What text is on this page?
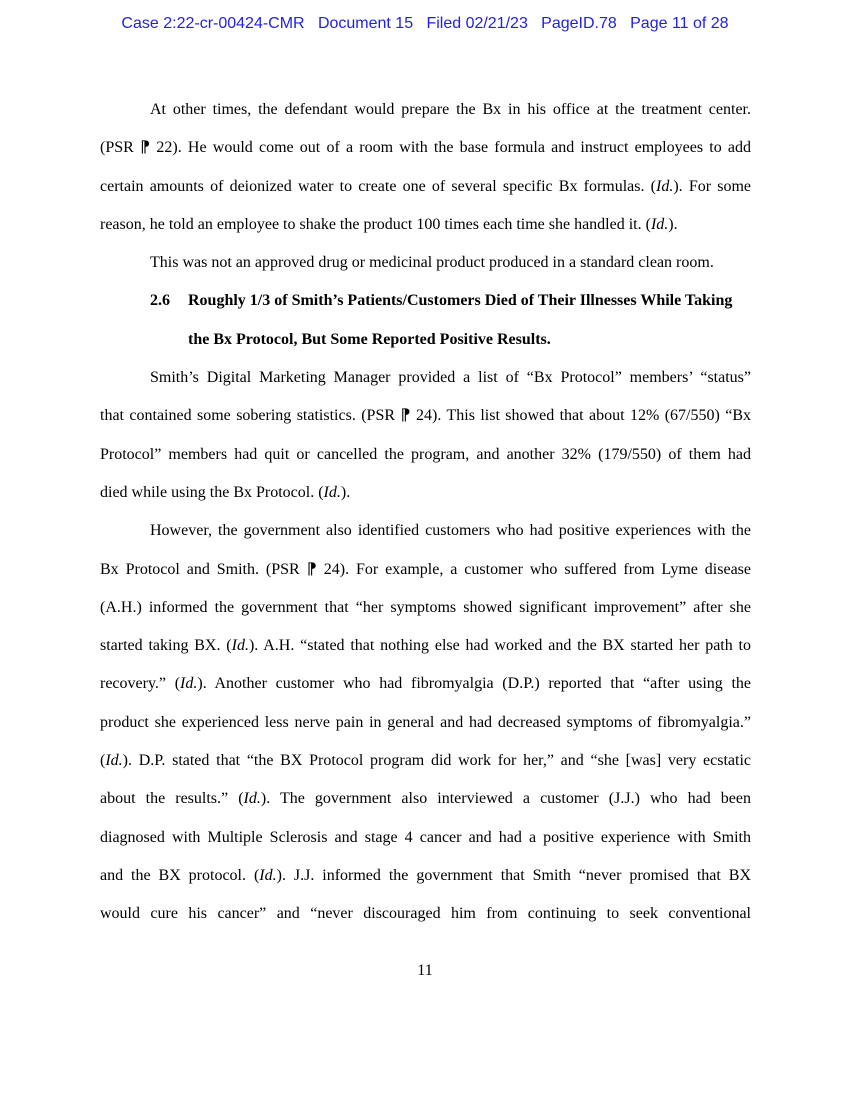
Case 2:22-cr-00424-CMR   Document 15   Filed 02/21/23   PageID.78   Page 11 of 28
At other times, the defendant would prepare the Bx in his office at the treatment center.
(PSR ⁋ 22). He would come out of a room with the base formula and instruct employees to add
certain amounts of deionized water to create one of several specific Bx formulas. (Id.). For some
reason, he told an employee to shake the product 100 times each time she handled it. (Id.).
This was not an approved drug or medicinal product produced in a standard clean room.
2.6 Roughly 1/3 of Smith’s Patients/Customers Died of Their Illnesses While Taking
the Bx Protocol, But Some Reported Positive Results.
Smith’s Digital Marketing Manager provided a list of “Bx Protocol” members’ “status”
that contained some sobering statistics. (PSR ⁋ 24). This list showed that about 12% (67/550) “Bx
Protocol” members had quit or cancelled the program, and another 32% (179/550) of them had
died while using the Bx Protocol. (Id.).
However, the government also identified customers who had positive experiences with the
Bx Protocol and Smith. (PSR ⁋ 24). For example, a customer who suffered from Lyme disease
(A.H.) informed the government that “her symptoms showed significant improvement” after she
started taking BX. (Id.). A.H. “stated that nothing else had worked and the BX started her path to
recovery.” (Id.). Another customer who had fibromyalgia (D.P.) reported that “after using the
product she experienced less nerve pain in general and had decreased symptoms of fibromyalgia.”
(Id.). D.P. stated that “the BX Protocol program did work for her,” and “she [was] very ecstatic
about the results.” (Id.). The government also interviewed a customer (J.J.) who had been
diagnosed with Multiple Sclerosis and stage 4 cancer and had a positive experience with Smith
and the BX protocol. (Id.). J.J. informed the government that Smith “never promised that BX
would cure his cancer” and “never discouraged him from continuing to seek conventional
11
